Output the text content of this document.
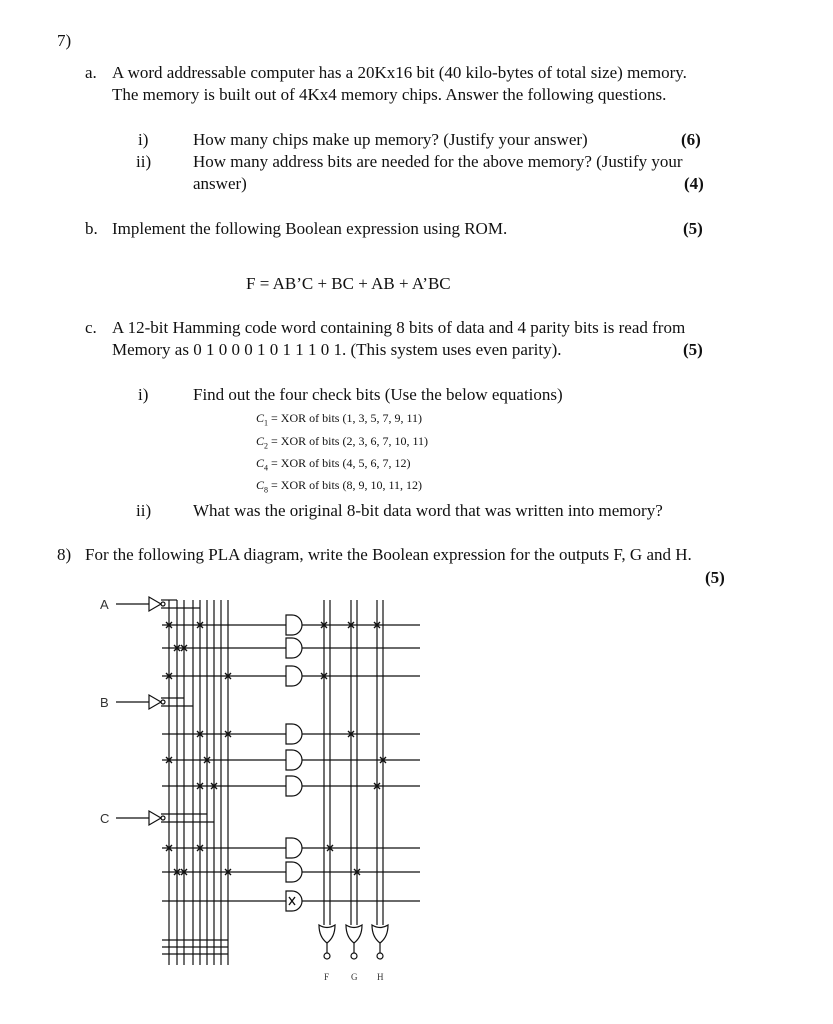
7)
a. A word addressable computer has a 20Kx16 bit (40 kilo-bytes of total size) memory.
The memory is built out of 4Kx4 memory chips. Answer the following questions.
i)	How many chips make up memory? (Justify your answer)	(6)
ii) How many address bits are needed for the above memory? (Justify your
answer)	(4)
b. Implement the following Boolean expression using ROM.	(5)
F = AB’C + BC + AB + A’BC
c. A 12-bit Hamming code word containing 8 bits of data and 4 parity bits is read from
Memory as 0 1 0 0 0 1 0 1 1 1 0 1. (This system uses even parity).	(5)
i)	Find out the four check bits (Use the below equations)
$C_1$ = XOR of bits (1, 3, 5, 7, 9, 11)
$C_2$ = XOR of bits (2, 3, 6, 7, 10, 11)
$C_4$ = XOR of bits (4, 5, 6, 7, 12)
$C_8$ = XOR of bits (8, 9, 10, 11, 12)
ii) What was the original 8-bit data word that was written into memory?
8) For the following PLA diagram, write the Boolean expression for the outputs F, G and H.
(5)
A
B
C
F G H
